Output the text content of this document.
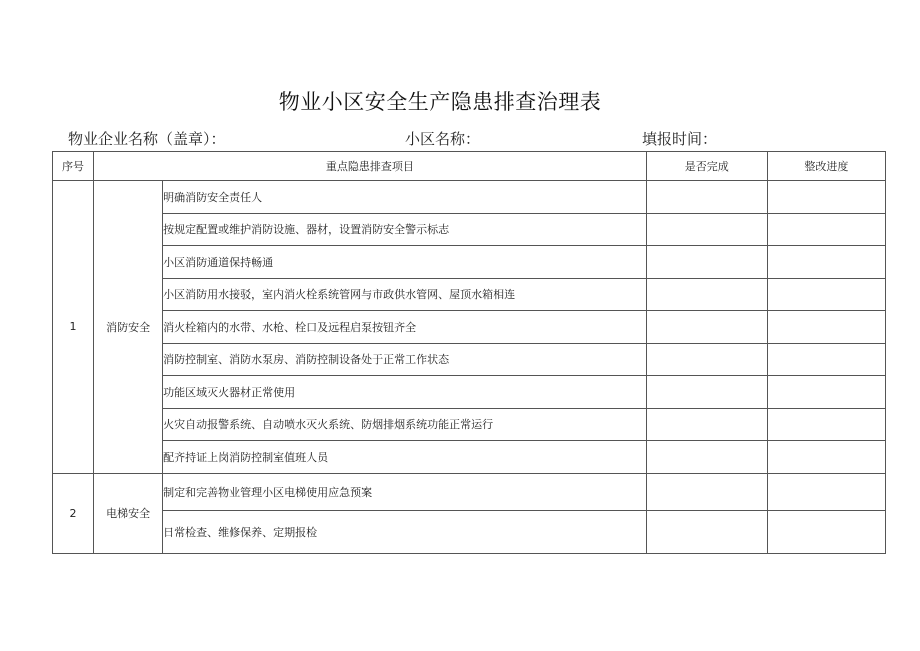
物业小区安全生产隐患排查治理表
物业企业名称（盖章）：	小区名称：	填报时间：
序号	重点隐患排查项目		是否完成	整改进度
1	消防安全	明确消防安全责任人		
		按规定配置或维护消防设施、器材，设置消防安全警示标志		
		小区消防通道保持畅通		
		小区消防用水接驳，室内消火栓系统管网与市政供水管网、屋顶水箱相连		
		消火栓箱内的水带、水枪、栓口及远程启泵按钮齐全		
		消防控制室、消防水泵房、消防控制设备处于正常工作状态		
		功能区域灭火器材正常使用		
		火灾自动报警系统、自动喷水灭火系统、防烟排烟系统功能正常运行		
		配齐持证上岗消防控制室值班人员		
2	电梯安全	制定和完善物业管理小区电梯使用应急预案		
		日常检查、维修保养、定期报检		
